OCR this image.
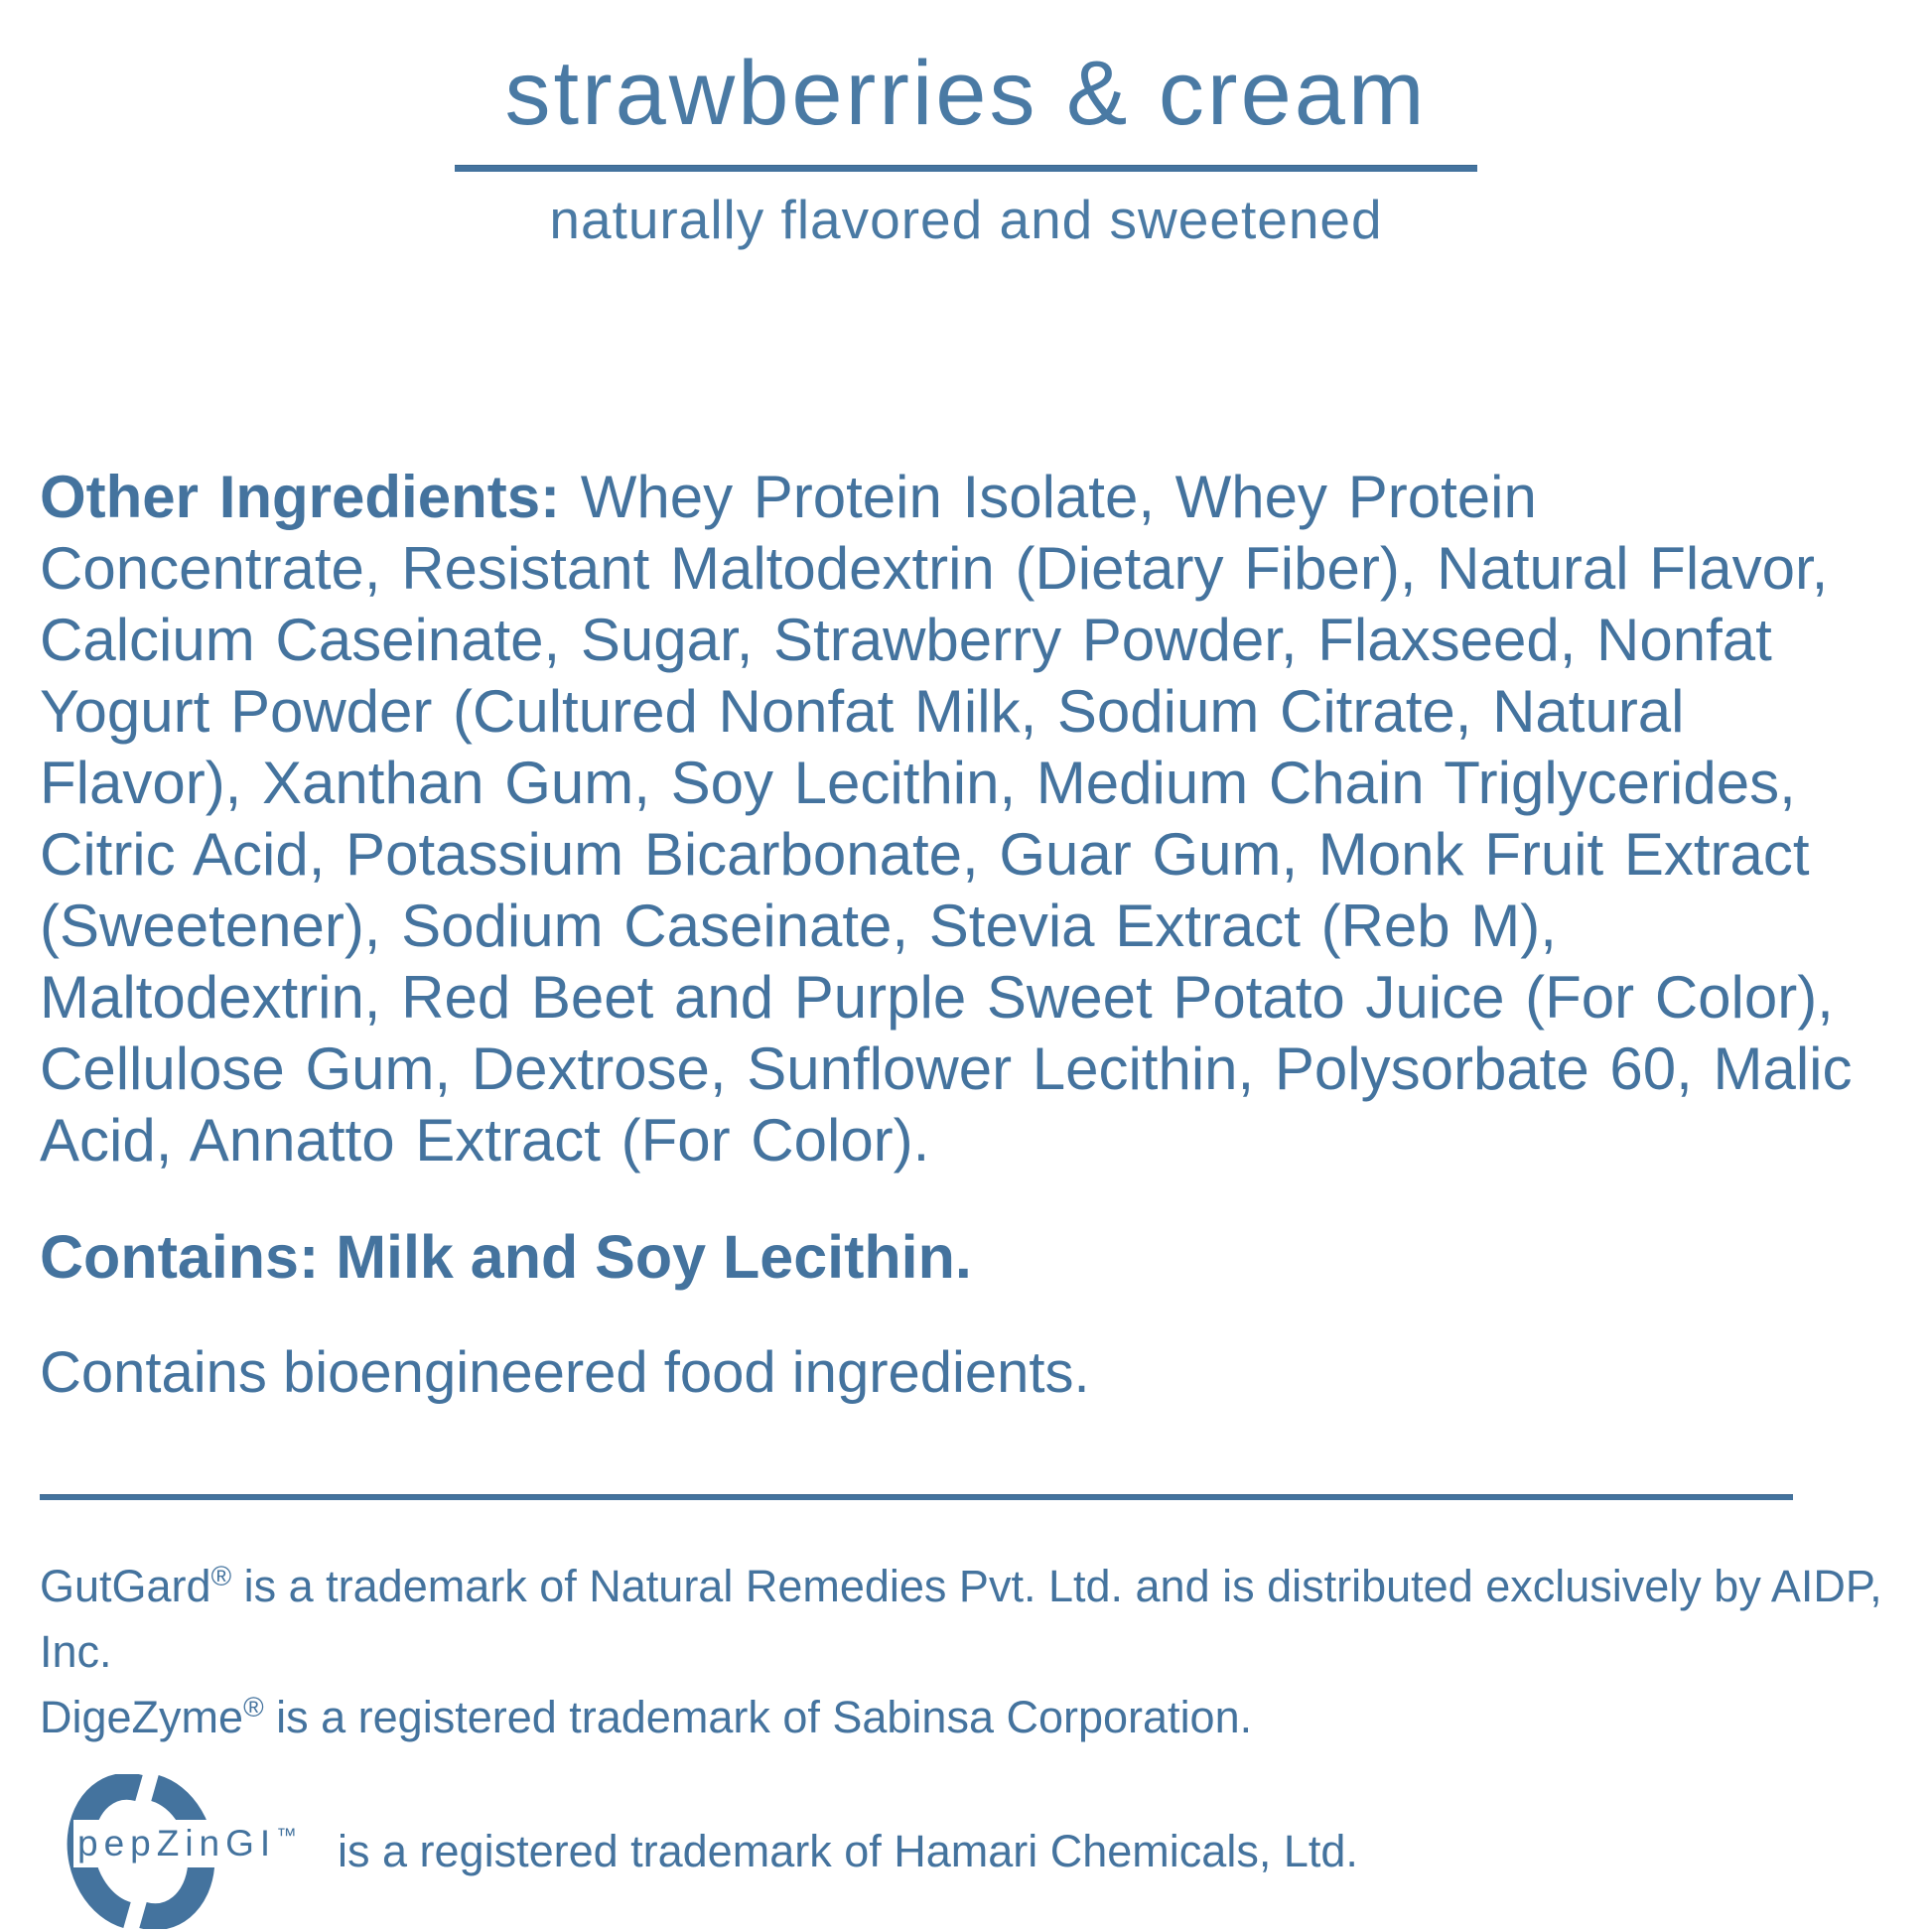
strawberries & cream
naturally flavored and sweetened

Other Ingredients: Whey Protein Isolate, Whey Protein Concentrate, Resistant Maltodextrin (Dietary Fiber), Natural Flavor, Calcium Caseinate, Sugar, Strawberry Powder, Flaxseed, Nonfat Yogurt Powder (Cultured Nonfat Milk, Sodium Citrate, Natural Flavor), Xanthan Gum, Soy Lecithin, Medium Chain Triglycerides, Citric Acid, Potassium Bicarbonate, Guar Gum, Monk Fruit Extract (Sweetener), Sodium Caseinate, Stevia Extract (Reb M), Maltodextrin, Red Beet and Purple Sweet Potato Juice (For Color), Cellulose Gum, Dextrose, Sunflower Lecithin, Polysorbate 60, Malic Acid, Annatto Extract (For Color).

Contains: Milk and Soy Lecithin.

Contains bioengineered food ingredients.

GutGard® is a trademark of Natural Remedies Pvt. Ltd. and is distributed exclusively by AIDP, Inc.

DigeZyme® is a registered trademark of Sabinsa Corporation.

pepZinGI™ is a registered trademark of Hamari Chemicals, Ltd.
